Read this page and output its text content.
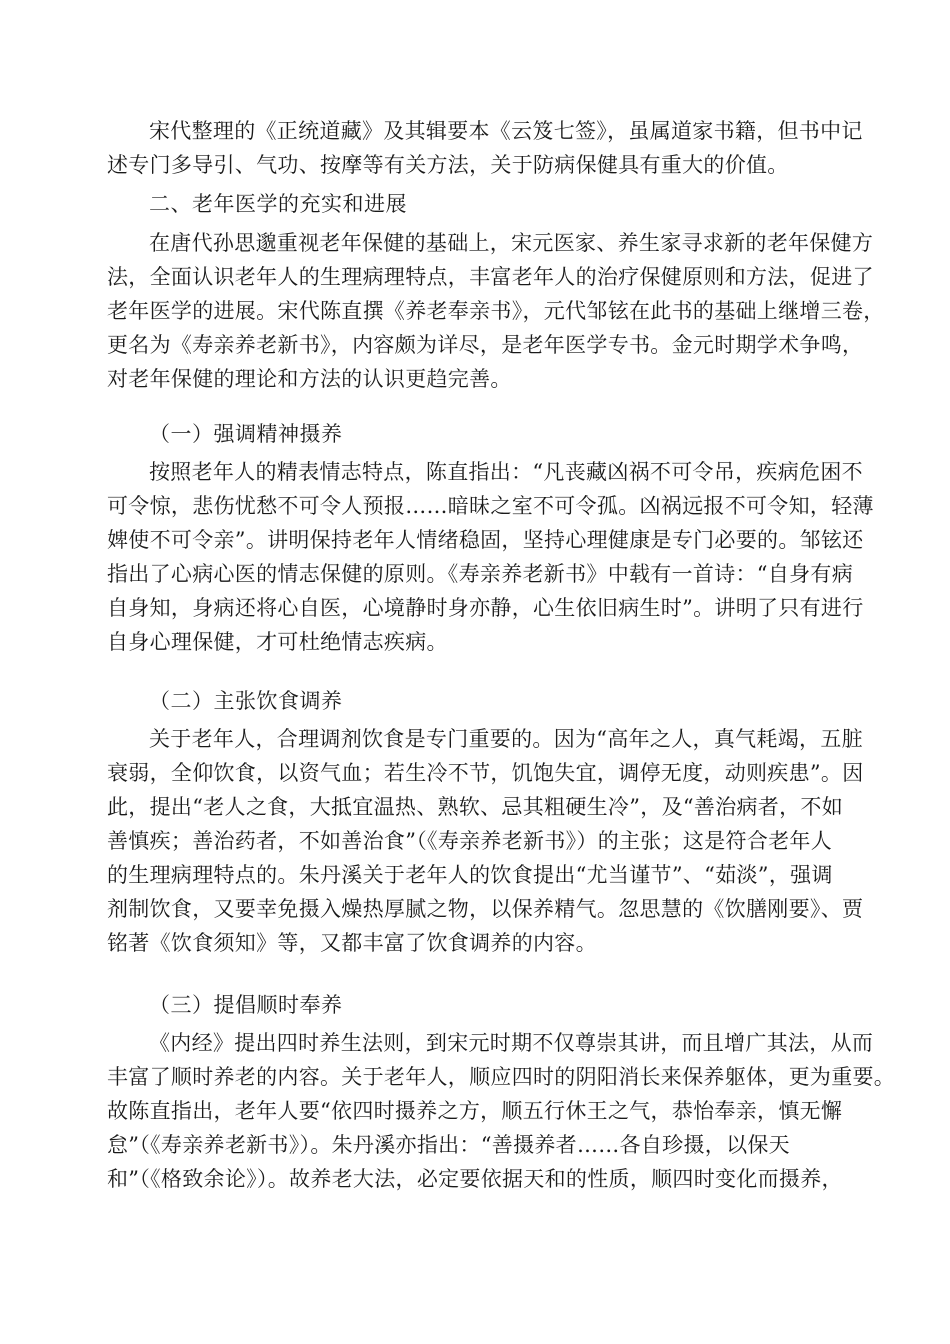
宋代整理的《正统道藏》及其辑要本《云笈七签》，虽属道家书籍，但书中记
述专门多导引、气功、按摩等有关方法，关于防病保健具有重大的价值。
二、老年医学的充实和进展
在唐代孙思邈重视老年保健的基础上，宋元医家、养生家寻求新的老年保健方
法，全面认识老年人的生理病理特点，丰富老年人的治疗保健原则和方法，促进了
老年医学的进展。宋代陈直撰《养老奉亲书》，元代邹铉在此书的基础上继增三卷，
更名为《寿亲养老新书》，内容颇为详尽，是老年医学专书。金元时期学术争鸣，
对老年保健的理论和方法的认识更趋完善。
（一）强调精神摄养
按照老年人的精表情志特点，陈直指出：“凡丧藏凶祸不可令吊，疾病危困不
可令惊，悲伤忧愁不可令人预报……暗昧之室不可令孤。凶祸远报不可令知，轻薄
婢使不可令亲”。讲明保持老年人情绪稳固，坚持心理健康是专门必要的。邹铉还
指出了心病心医的情志保健的原则。《寿亲养老新书》中载有一首诗：“自身有病
自身知，身病还将心自医，心境静时身亦静，心生依旧病生时”。讲明了只有进行
自身心理保健，才可杜绝情志疾病。
（二）主张饮食调养
关于老年人，合理调剂饮食是专门重要的。因为“高年之人，真气耗竭，五脏
衰弱，全仰饮食，以资气血；若生冷不节，饥饱失宜，调停无度，动则疾患”。因
此，提出“老人之食，大抵宜温热、熟软、忌其粗硬生冷”，及“善治病者，不如
善慎疾；善治药者，不如善治食”（《寿亲养老新书》）的主张；这是符合老年人
的生理病理特点的。朱丹溪关于老年人的饮食提出“尤当谨节”、“茹淡”，强调
剂制饮食，又要幸免摄入燥热厚腻之物，以保养精气。忽思慧的《饮膳刚要》、贾
铭著《饮食须知》等，又都丰富了饮食调养的内容。
（三）提倡顺时奉养
《内经》提出四时养生法则，到宋元时期不仅尊崇其讲，而且增广其法，从而
丰富了顺时养老的内容。关于老年人，顺应四时的阴阳消长来保养躯体，更为重要。
故陈直指出，老年人要“依四时摄养之方，顺五行休王之气，恭怡奉亲，慎无懈
怠”（《寿亲养老新书》）。朱丹溪亦指出：“善摄养者……各自珍摄，以保天
和”（《格致余论》）。故养老大法，必定要依据天和的性质，顺四时变化而摄养，
